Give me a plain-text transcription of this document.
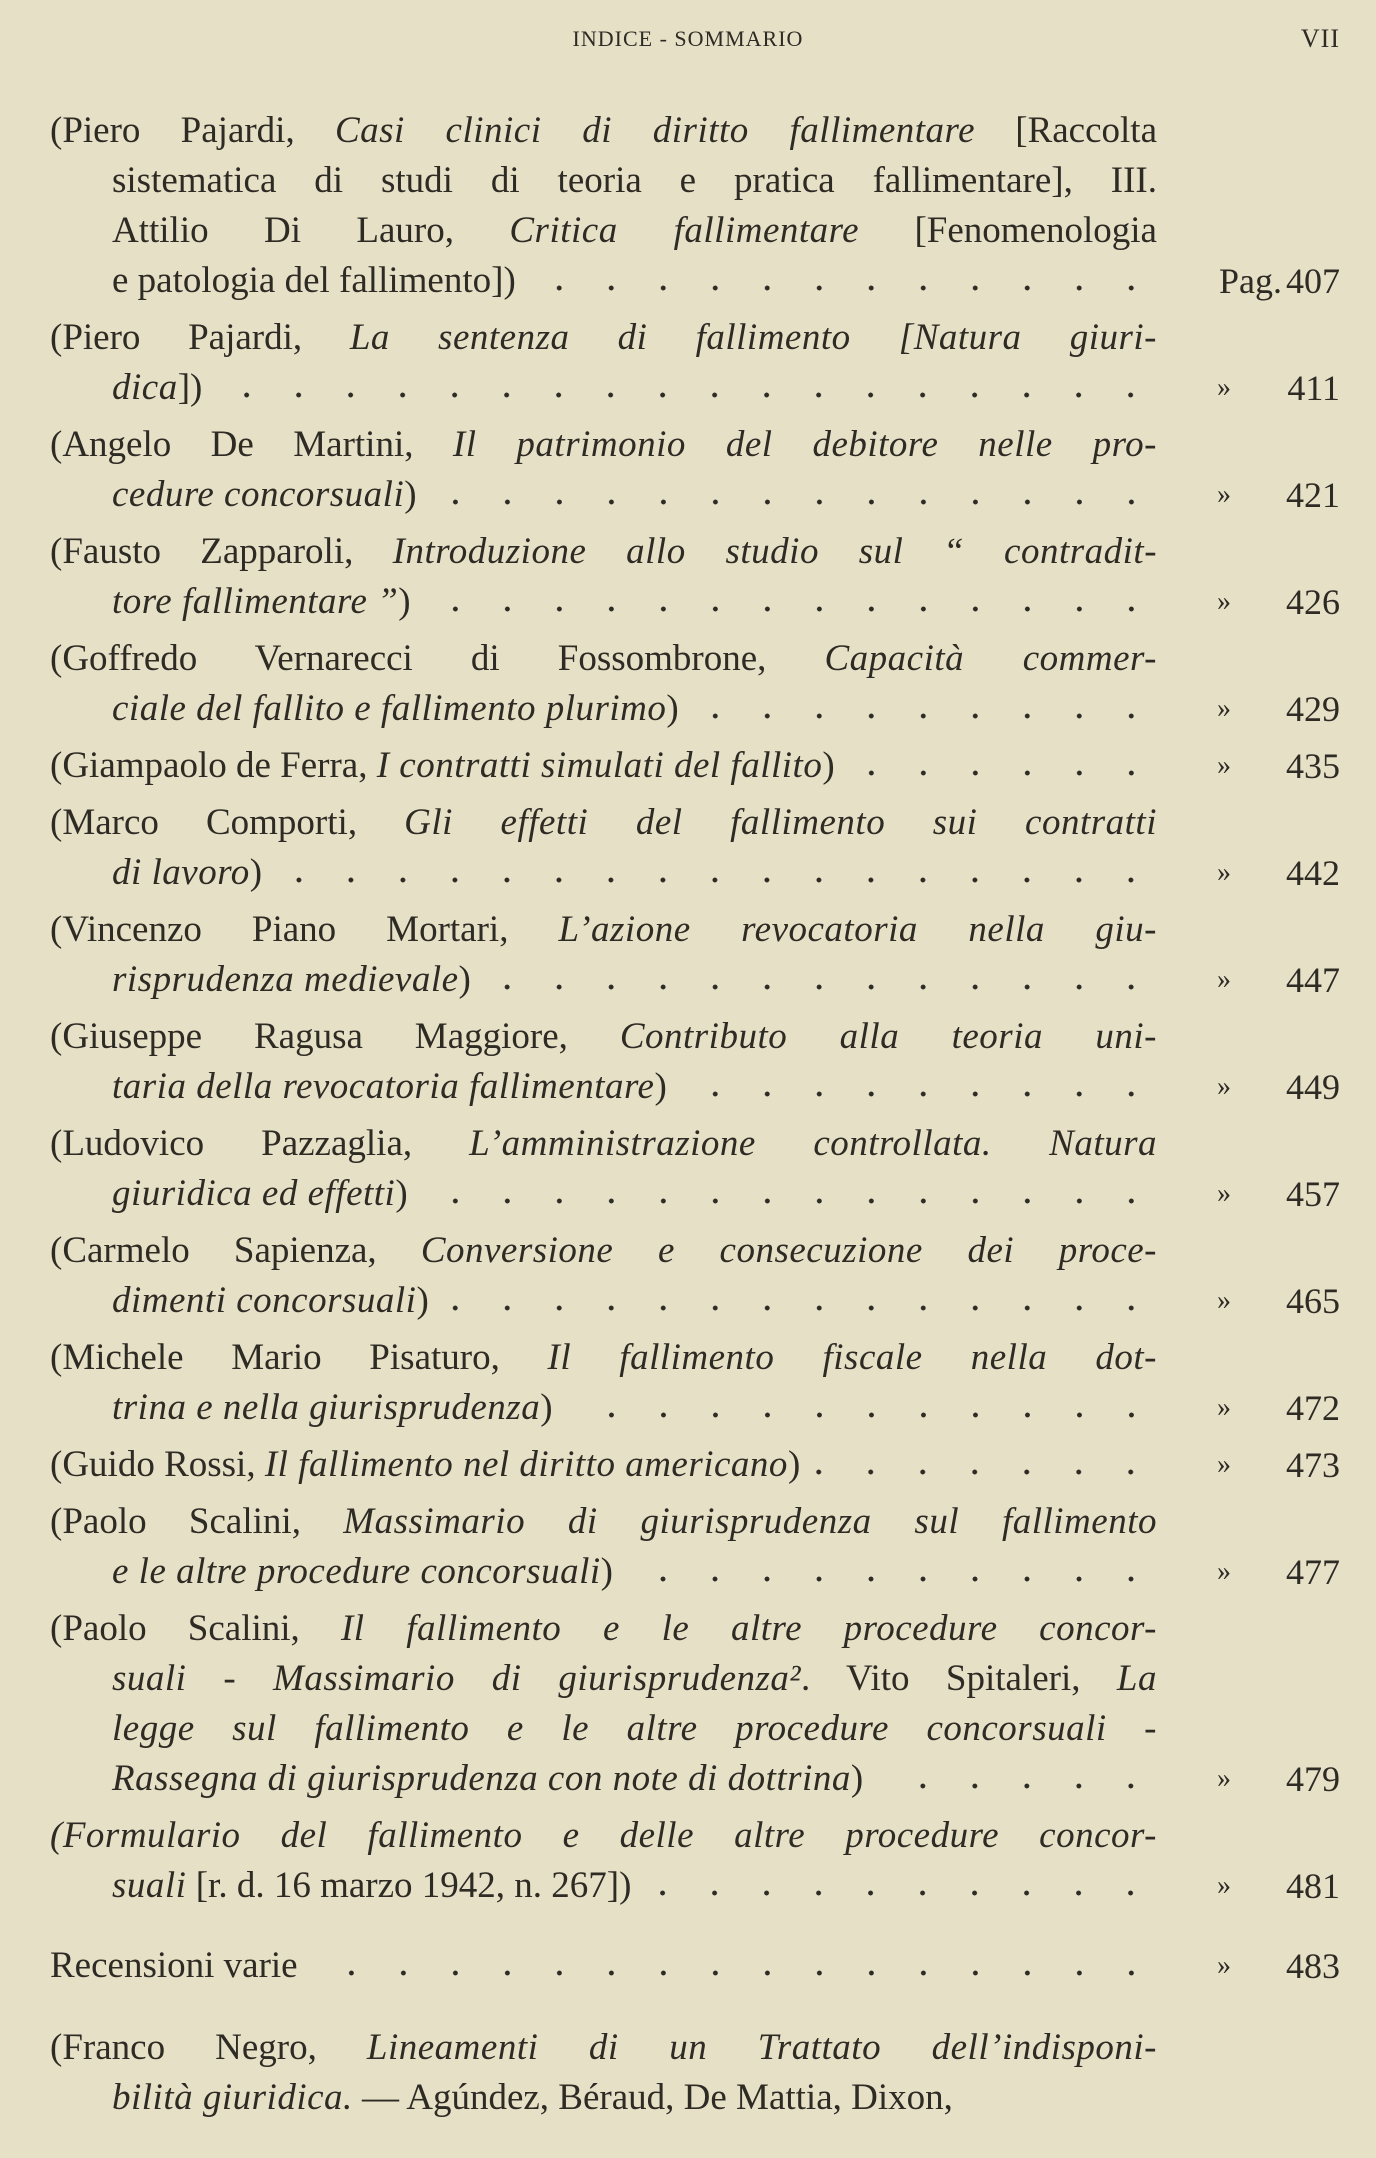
INDICE - SOMMARIO	VII
(Piero Pajardi, Casi clinici di diritto fallimentare [Raccolta
sistematica di studi di teoria e pratica fallimentare], III.
Attilio Di Lauro, Critica fallimentare [Fenomenologia
e patologia del fallimento])	Pag. 407
(Piero Pajardi, La sentenza di fallimento [Natura giuri-
dica])	» 411
(Angelo De Martini, Il patrimonio del debitore nelle pro-
cedure concorsuali)	» 421
(Fausto Zapparoli, Introduzione allo studio sul “ contradit-
tore fallimentare ”)	» 426
(Goffredo Vernarecci di Fossombrone, Capacità commer-
ciale del fallito e fallimento plurimo)	» 429
(Giampaolo de Ferra, I contratti simulati del fallito)	» 435
(Marco Comporti, Gli effetti del fallimento sui contratti
di lavoro)	» 442
(Vincenzo Piano Mortari, L’azione revocatoria nella giu-
risprudenza medievale)	» 447
(Giuseppe Ragusa Maggiore, Contributo alla teoria uni-
taria della revocatoria fallimentare)	» 449
(Ludovico Pazzaglia, L’amministrazione controllata. Natura
giuridica ed effetti)	» 457
(Carmelo Sapienza, Conversione e consecuzione dei proce-
dimenti concorsuali)	» 465
(Michele Mario Pisaturo, Il fallimento fiscale nella dot-
trina e nella giurisprudenza)	» 472
(Guido Rossi, Il fallimento nel diritto americano)	» 473
(Paolo Scalini, Massimario di giurisprudenza sul fallimento
e le altre procedure concorsuali)	» 477
(Paolo Scalini, Il fallimento e le altre procedure concor-
suali - Massimario di giurisprudenza². Vito Spitaleri, La
legge sul fallimento e le altre procedure concorsuali -
Rassegna di giurisprudenza con note di dottrina)	» 479
(Formulario del fallimento e delle altre procedure concor-
suali [r. d. 16 marzo 1942, n. 267])	» 481
Recensioni varie	» 483
(Franco Negro, Lineamenti di un Trattato dell’indisponi-
bilità giuridica. — Agúndez, Béraud, De Mattia, Dixon,
